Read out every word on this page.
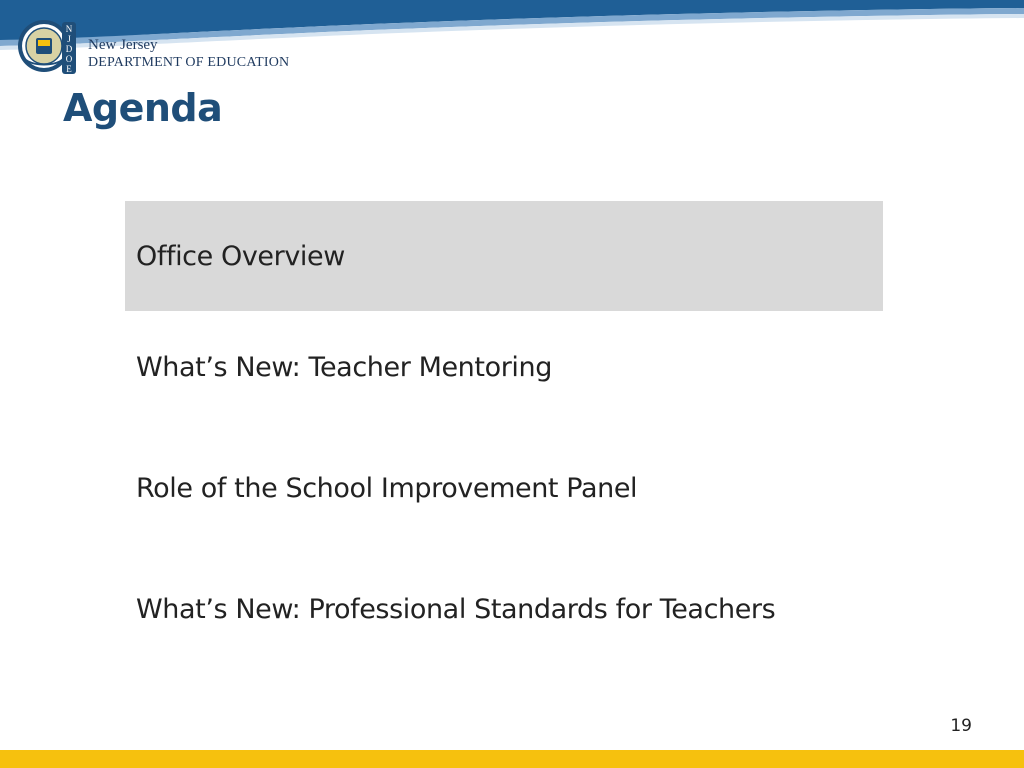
N
J
D
O
E
New Jersey
DEPARTMENT OF EDUCATION
Agenda
Office Overview
What’s New: Teacher Mentoring
Role of the School Improvement Panel
What’s New: Professional Standards for Teachers
19
